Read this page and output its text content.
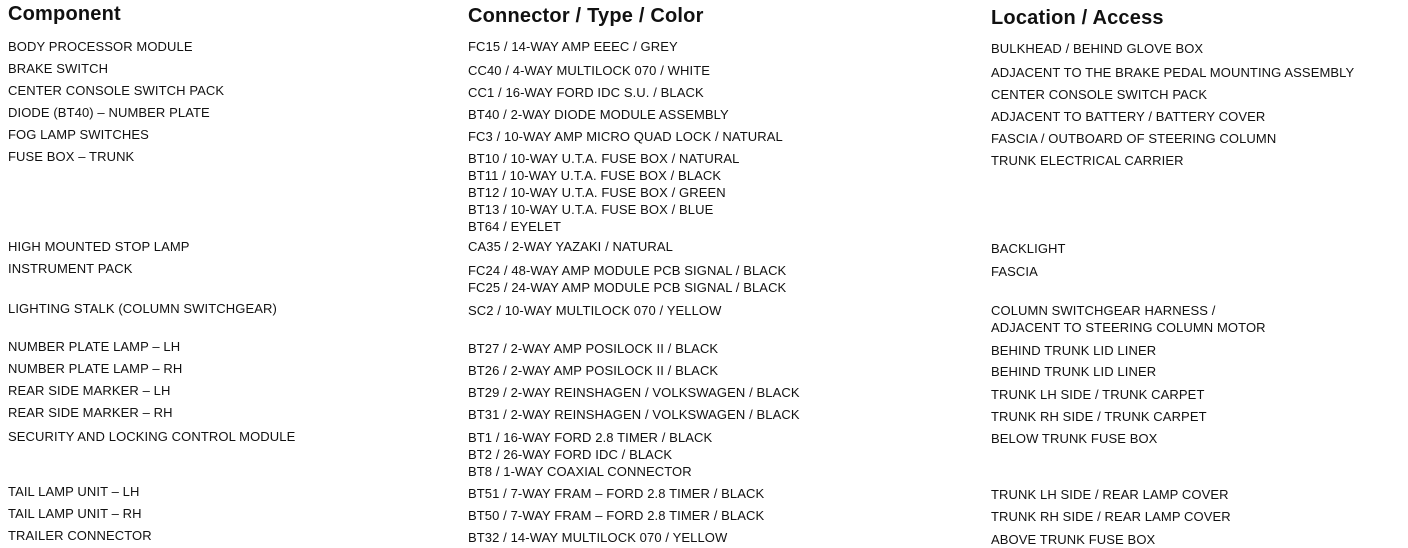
Component	Connector / Type / Color	Location / Access
BODY PROCESSOR MODULE
BRAKE SWITCH
CENTER CONSOLE SWITCH PACK
DIODE (BT40) – NUMBER PLATE
FOG LAMP SWITCHES
FUSE BOX – TRUNK
HIGH MOUNTED STOP LAMP
INSTRUMENT PACK
LIGHTING STALK (COLUMN SWITCHGEAR)
NUMBER PLATE LAMP – LH
NUMBER PLATE LAMP – RH
REAR SIDE MARKER – LH
REAR SIDE MARKER – RH
SECURITY AND LOCKING CONTROL MODULE
TAIL LAMP UNIT – LH
TAIL LAMP UNIT – RH
TRAILER CONNECTOR
FC15 / 14-WAY AMP EEEC / GREY
CC40 / 4-WAY MULTILOCK 070 / WHITE
CC1 / 16-WAY FORD IDC S.U. / BLACK
BT40 / 2-WAY DIODE MODULE ASSEMBLY
FC3 / 10-WAY AMP MICRO QUAD LOCK / NATURAL
BT10 / 10-WAY U.T.A. FUSE BOX / NATURAL
BT11 / 10-WAY U.T.A. FUSE BOX / BLACK
BT12 / 10-WAY U.T.A. FUSE BOX / GREEN
BT13 / 10-WAY U.T.A. FUSE BOX / BLUE
BT64 / EYELET
CA35 / 2-WAY YAZAKI / NATURAL
FC24 / 48-WAY AMP MODULE PCB SIGNAL / BLACK
FC25 / 24-WAY AMP MODULE PCB SIGNAL / BLACK
SC2 / 10-WAY MULTILOCK 070 / YELLOW
BT27 / 2-WAY AMP POSILOCK II / BLACK
BT26 / 2-WAY AMP POSILOCK II / BLACK
BT29 / 2-WAY REINSHAGEN / VOLKSWAGEN / BLACK
BT31 / 2-WAY REINSHAGEN / VOLKSWAGEN / BLACK
BT1 / 16-WAY FORD 2.8 TIMER / BLACK
BT2 / 26-WAY FORD IDC / BLACK
BT8 / 1-WAY COAXIAL CONNECTOR
BT51 / 7-WAY FRAM – FORD 2.8 TIMER / BLACK
BT50 / 7-WAY FRAM – FORD 2.8 TIMER / BLACK
BT32 / 14-WAY MULTILOCK 070 / YELLOW
BULKHEAD / BEHIND GLOVE BOX
ADJACENT TO THE BRAKE PEDAL MOUNTING ASSEMBLY
CENTER CONSOLE SWITCH PACK
ADJACENT TO BATTERY / BATTERY COVER
FASCIA / OUTBOARD OF STEERING COLUMN
TRUNK ELECTRICAL CARRIER
BACKLIGHT
FASCIA
COLUMN SWITCHGEAR HARNESS /
ADJACENT TO STEERING COLUMN MOTOR
BEHIND TRUNK LID LINER
BEHIND TRUNK LID LINER
TRUNK LH SIDE / TRUNK CARPET
TRUNK RH SIDE / TRUNK CARPET
BELOW TRUNK FUSE BOX
TRUNK LH SIDE / REAR LAMP COVER
TRUNK RH SIDE / REAR LAMP COVER
ABOVE TRUNK FUSE BOX
